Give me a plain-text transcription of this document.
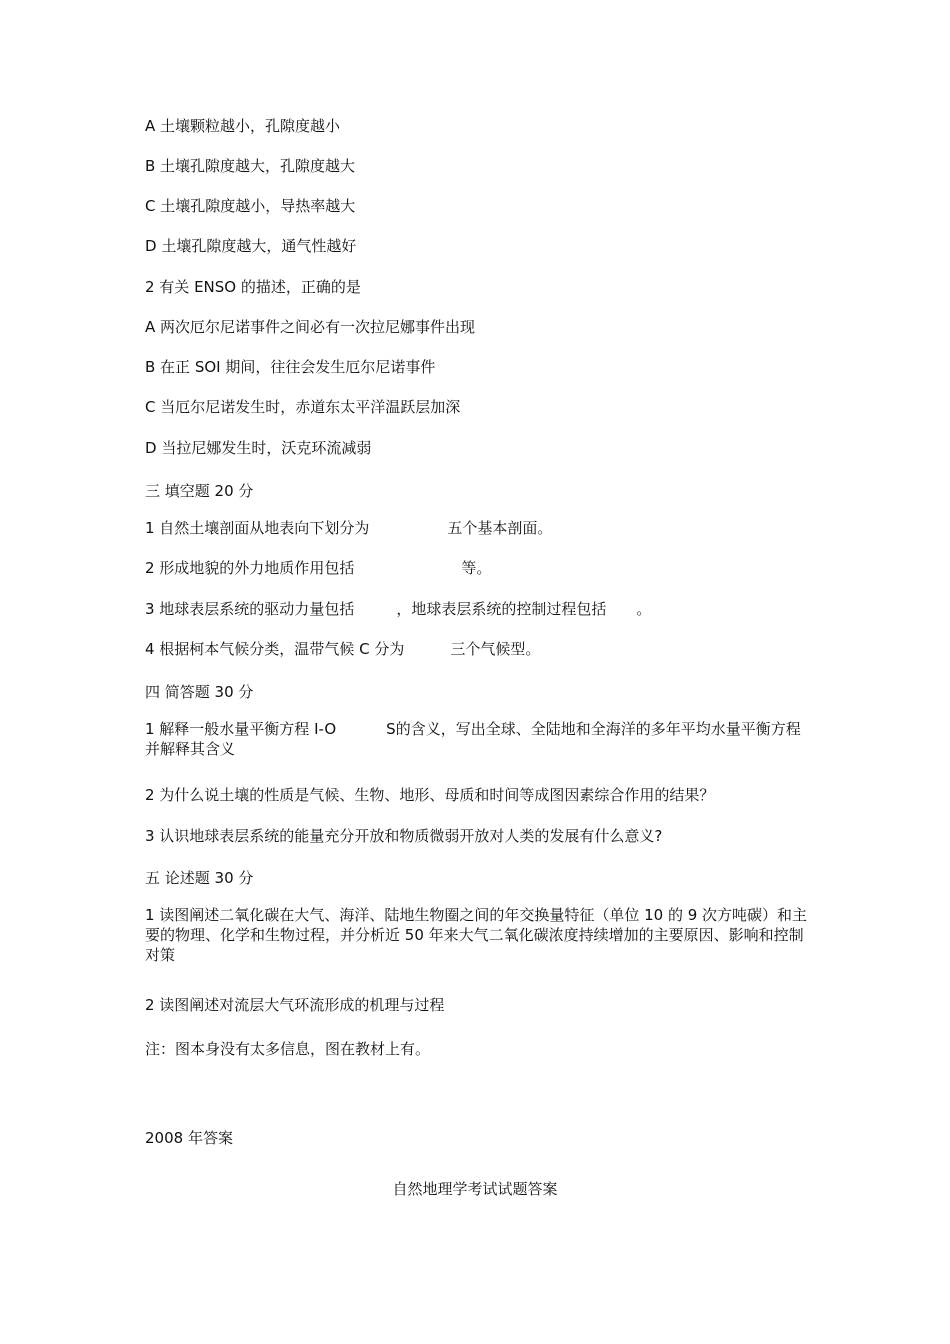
A 土壤颗粒越小，孔隙度越小
B 土壤孔隙度越大，孔隙度越大
C 土壤孔隙度越小，导热率越大
D 土壤孔隙度越大，通气性越好
2 有关 ENSO 的描述，正确的是
A 两次厄尔尼诺事件之间必有一次拉尼娜事件出现
B 在正 SOI 期间，往往会发生厄尔尼诺事件
C 当厄尔尼诺发生时，赤道东太平洋温跃层加深
D 当拉尼娜发生时，沃克环流减弱
三 填空题 20 分
1 自然土壤剖面从地表向下划分为	五个基本剖面。
2 形成地貌的外力地质作用包括	等。
3 地球表层系统的驱动力量包括	，地球表层系统的控制过程包括 。
4 根据柯本气候分类，温带气候 C 分为	三个气候型。
四 简答题 30 分
1 解释一般水量平衡方程 I-O	S的含义，写出全球、全陆地和全海洋的多年平均水量平衡方程并解释其含义
2 为什么说土壤的性质是气候、生物、地形、母质和时间等成图因素综合作用的结果？
3 认识地球表层系统的能量充分开放和物质微弱开放对人类的发展有什么意义?
五 论述题 30 分
1 读图阐述二氧化碳在大气、海洋、陆地生物圈之间的年交换量特征（单位 10 的 9 次方吨碳）和主要的物理、化学和生物过程，并分析近 50 年来大气二氧化碳浓度持续增加的主要原因、影响和控制对策
2 读图阐述对流层大气环流形成的机理与过程
注：图本身没有太多信息，图在教材上有。
2008 年答案
自然地理学考试试题答案
